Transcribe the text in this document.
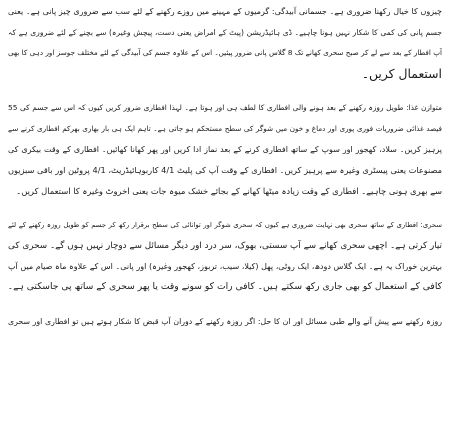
چیزوں کا خیال رکھنا ضروری ہے۔ جسمانی آبیدگی: گرمیوں کے مہینے میں روزے رکھنے کے لئے سب سے ضروری چیز پانی ہے۔ یعنی
جسم پانی کی کمی کا شکار نہیں ہونا چاہیے۔ ڈی ہائیڈریشن (پیٹ کے امراض یعنی دست، پیچش وغیرہ) سے بچنے کے لئے ضروری ہے کہ
آپ افطار کے بعد سے لے کر صبح سحری کھانے تک 8 گلاس پانی ضرور پیئیں۔ اس کے علاوہ جسم کی آبیدگی کے لئے مختلف جوسز اور دہی کا بھی
استعمال کریں۔
متوازن غذا: طویل روزہ رکھنے کے بعد ہونے والی افطاری کا لطف ہی اور ہوتا ہے۔ لہذا افطاری ضرور کریں کیوں کہ اس سے جسم کی 55
فیصد غذائی ضروریات فوری پوری اور دماغ و خون میں شوگر کی سطح مستحکم ہو جاتی ہے۔ تاہم ایک ہی بار بھاری بھرکم افطاری کرنے سے
پرہیز کریں۔ سلاد، کھجور اور سوپ کے ساتھ افطاری کرنے کے بعد نماز ادا کریں اور پھر کھانا کھائیں۔ افطاری کے وقت بیکری کی
مصنوعات یعنی پیسٹری وغیرہ سے پرہیز کریں۔ افطاری کے وقت آپ کی پلیٹ 4/1 کاربوہائیڈریٹ، 4/1 پروٹین اور باقی سبزیوں
سے بھری ہونی چاہیے۔ افطاری کے وقت زیادہ میٹھا کھانے کے بجائے خشک میوہ جات یعنی اخروٹ وغیرہ کا استعمال کریں۔
سحری: افطاری کے ساتھ سحری بھی نہایت ضروری ہے کیوں کہ سحری شوگر اور توانائی کی سطح برقرار رکھ کر جسم کو طویل روزہ رکھنے کے لئے
تیار کرتی ہے۔ اچھی سحری کھانے سے آپ سستی، بھوک، سر درد اور دیگر مسائل سے دوچار نہیں ہوں گے۔ سحری کی
بہترین خوراک یہ ہے۔ ایک گلاس دودھ، ایک روٹی، پھل (کیلا، سیب، تربوز، کھجور وغیرہ) اور پانی۔ اس کے علاوہ ماہ صیام میں آپ
کافی کے استعمال کو بھی جاری رکھ سکتے ہیں۔ کافی رات کو سونے وقت یا پھر سحری کے ساتھ پی جاسکتی ہے۔
روزہ رکھنے سے پیش آنے والے طبی مسائل اور ان کا حل: اگر روزہ رکھنے کے دوران آپ قبض کا شکار ہوتے ہیں تو افطاری اور سحری
